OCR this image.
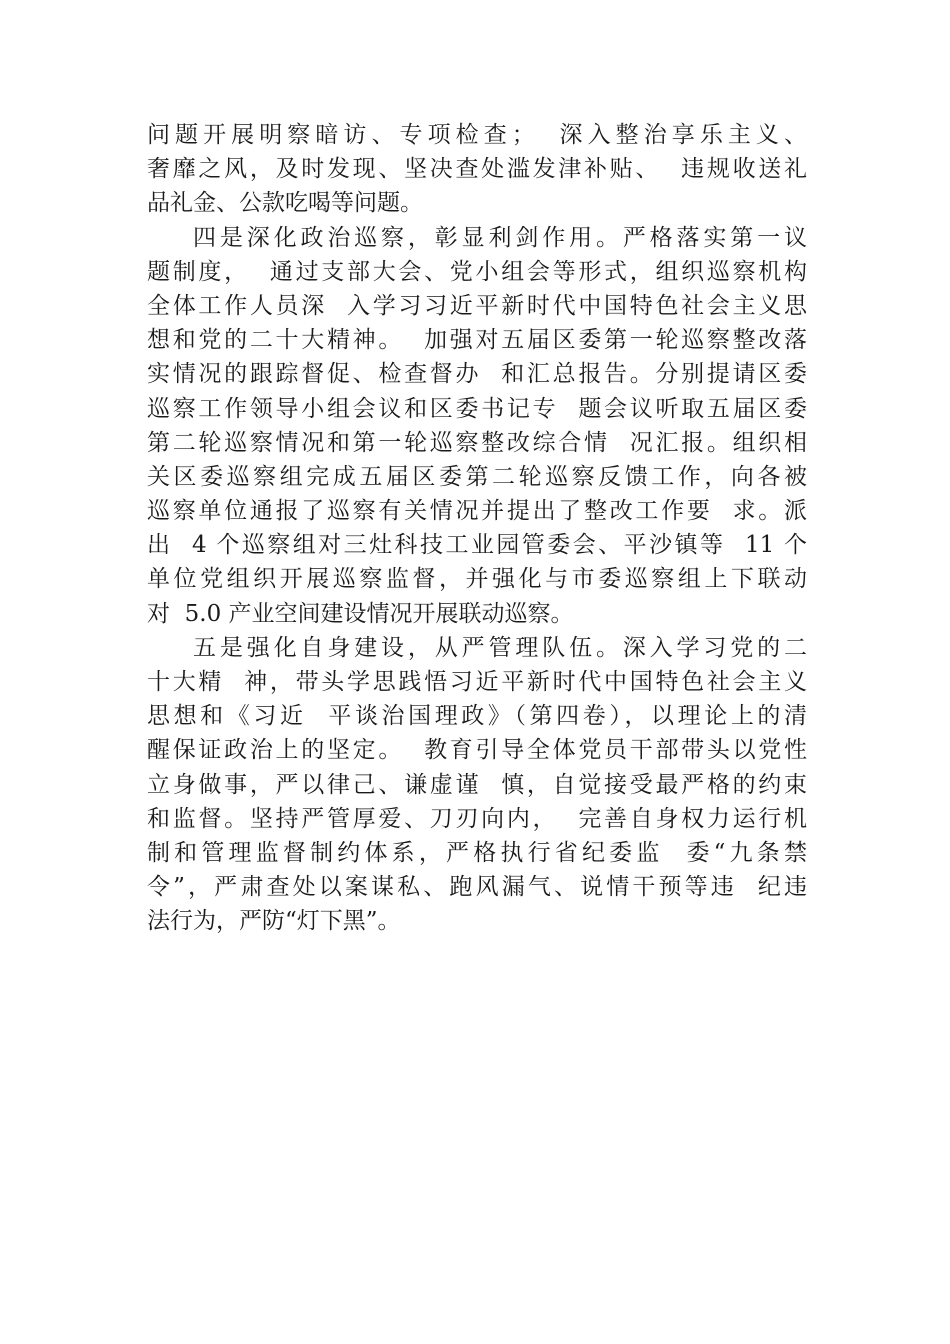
问题开展明察暗访、专项检查；  深入整治享乐主义、
奢靡之风，及时发现、坚决查处滥发津补贴、  违规收送礼
品礼金、公款吃喝等问题。
四是深化政治巡察，彰显利剑作用。严格落实第一议
题制度，  通过支部大会、党小组会等形式，组织巡察机构
全体工作人员深  入学习习近平新时代中国特色社会主义思
想和党的二十大精神。  加强对五届区委第一轮巡察整改落
实情况的跟踪督促、检查督办  和汇总报告。分别提请区委
巡察工作领导小组会议和区委书记专  题会议听取五届区委
第二轮巡察情况和第一轮巡察整改综合情  况汇报。组织相
关区委巡察组完成五届区委第二轮巡察反馈工作，向各被
巡察单位通报了巡察有关情况并提出了整改工作要  求。派
出  4 个巡察组对三灶科技工业园管委会、平沙镇等  11 个
单位党组织开展巡察监督，并强化与市委巡察组上下联动
对  5.0 产业空间建设情况开展联动巡察。
五是强化自身建设，从严管理队伍。深入学习党的二
十大精  神，带头学思践悟习近平新时代中国特色社会主义
思想和《习近  平谈治国理政》（第四卷），以理论上的清
醒保证政治上的坚定。  教育引导全体党员干部带头以党性
立身做事，严以律己、谦虚谨  慎，自觉接受最严格的约束
和监督。坚持严管厚爱、刀刃向内，  完善自身权力运行机
制和管理监督制约体系，严格执行省纪委监  委“九条禁
令”，严肃查处以案谋私、跑风漏气、说情干预等违  纪违
法行为，严防“灯下黑”。
